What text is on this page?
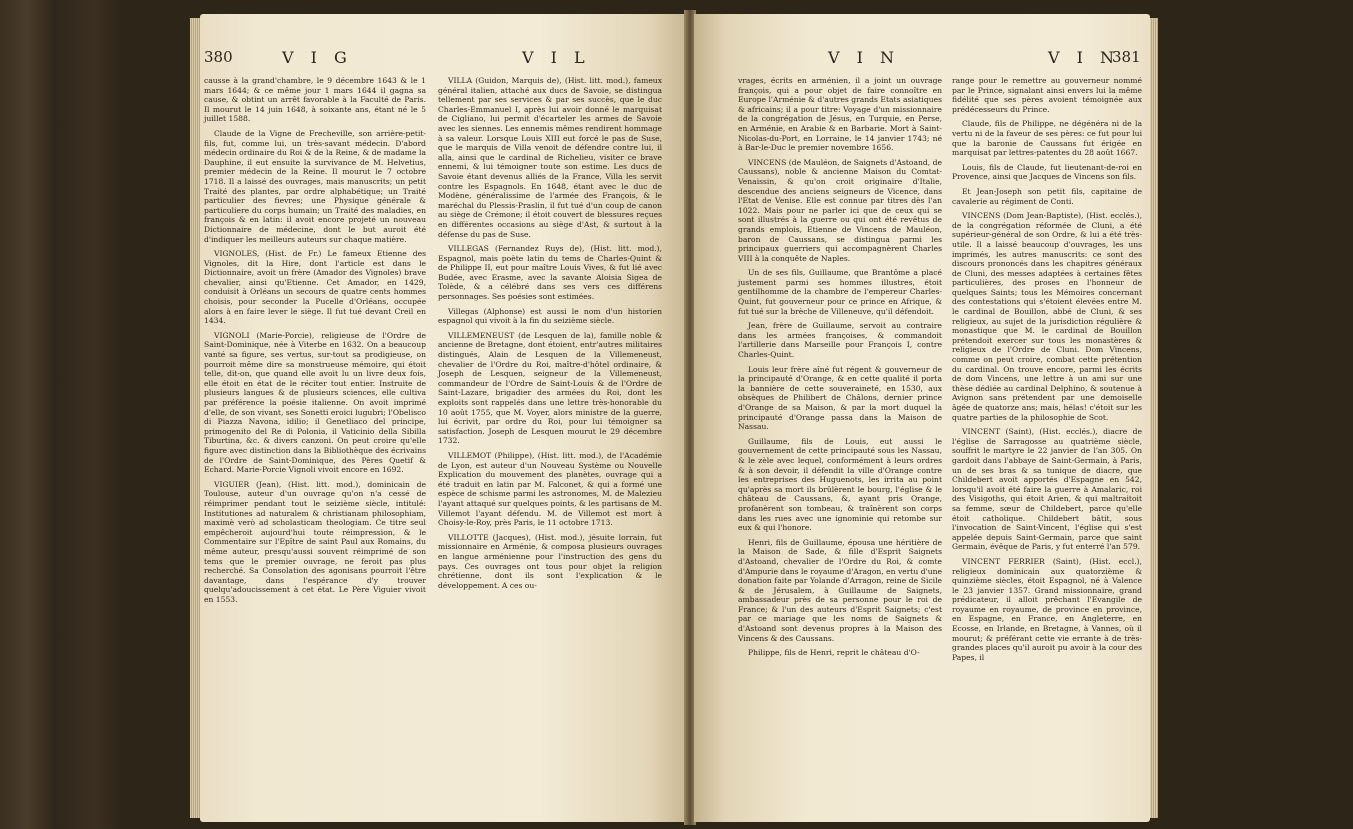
380	V I G	V I L

causse à la grand'chambre, le 9 décembre 1643 & le 1 mars 1644; & ce même jour 1 mars 1644 il gagna sa cause, & obtint un arrêt favorable à la Faculté de Paris. Il mourut le 14 juin 1648, à soixante ans, étant né le 5 juillet 1588.

Claude de la Vigne de Frecheville, son arrière-petit-fils, fut, comme lui, un très-savant médecin. D'abord médecin ordinaire du Roi & de la Reine, & de madame la Dauphine, il eut ensuite la survivance de M. Helvetius, premier médecin de la Reine. Il mourut le 7 octobre 1718. Il a laissé des ouvrages, mais manuscrits; un petit Traité des plantes, par ordre alphabétique; un Traité particulier des fievres; une Physique générale & particuliere du corps humain; un Traité des maladies, en françois & en latin: il avoit encore projeté un nouveau Dictionnaire de médecine, dont le but auroit été d'indiquer les meilleurs auteurs sur chaque matière.

VIGNOLES, (Hist. de Fr.) Le fameux Etienne des Vignoles, dit la Hire, dont l'article est dans le Dictionnaire, avoit un frère (Amador des Vignoles) brave chevalier, ainsi qu'Etienne. Cet Amador, en 1429, conduisit à Orléans un secours de quatre cents hommes choisis, pour seconder la Pucelle d'Orléans, occupée alors à en faire lever le siège. Il fut tué devant Creil en 1434.

VIGNOLI (Marie-Porcie), religieuse de l'Ordre de Saint-Dominique, née à Viterbe en 1632. On a beaucoup vanté sa figure, ses vertus, sur-tout sa prodigieuse, on pourroit même dire sa monstrueuse mémoire, qui étoit telle, dit-on, que quand elle avoit lu un livre deux fois, elle étoit en état de le réciter tout entier. Instruite de plusieurs langues & de plusieurs sciences, elle cultiva par préférence la poésie italienne. On avoit imprimé d'elle, de son vivant, ses Sonetti eroici lugubri; l'Obelisco di Piazza Navona, idilio; il Genetliaco del principe, primogenito del Re di Polonia, il Vaticinio della Sibilla Tiburtina, &c. & divers canzoni. On peut croire qu'elle figure avec distinction dans la Bibliothèque des écrivains de l'Ordre de Saint-Dominique, des Pères Quetif & Echard. Marie-Porcie Vignoli vivoit encore en 1692.

VIGUIER (Jean), (Hist. litt. mod.), dominicain de Toulouse, auteur d'un ouvrage qu'on n'a cessé de réimprimer pendant tout le seizième siècle, intitulé: Institutiones ad naturalem & christianam philosophiam, maximè verò ad scholasticam theologiam. Ce titre seul empêcheroit aujourd'hui toute réimpression, & le Commentaire sur l'Epître de saint Paul aux Romains, du même auteur, presqu'aussi souvent réimprimé de son tems que le premier ouvrage, ne feroit pas plus recherché. Sa Consolation des agonisans pourroit l'être davantage, dans l'espérance d'y trouver quelqu'adoucissement à cet état. Le Père Viguier vivoit en 1553.

VILLA (Guidon, Marquis de), (Hist. litt. mod.), fameux général italien, attaché aux ducs de Savoie, se distingua tellement par ses services & par ses succès, que le duc Charles-Emmanuel I, après lui avoir donné le marquisat de Cigliano, lui permit d'écarteler les armes de Savoie avec les siennes. Les ennemis mêmes rendirent hommage à sa valeur. Lorsque Louis XIII eut forcé le pas de Suse, que le marquis de Villa venoit de défendre contre lui, il alla, ainsi que le cardinal de Richelieu, visiter ce brave ennemi, & lui témoigner toute son estime. Les ducs de Savoie étant devenus alliés de la France, Villa les servit contre les Espagnols. En 1648, étant avec le duc de Modène, généralissime de l'armée des François, & le maréchal du Plessis-Praslin, il fut tué d'un coup de canon au siège de Crémone; il étoit couvert de blessures reçues en différentes occasions au siège d'Ast, & surtout à la défense du pas de Suse.

VILLEGAS (Fernandez Ruys de), (Hist. litt. mod.), Espagnol, mais poète latin du tems de Charles-Quint & de Philippe II, eut pour maître Louis Vives, & fut lié avec Budée, avec Erasme, avec la savante Aloisia Sigea de Tolède, & a célébré dans ses vers ces différens personnages. Ses poésies sont estimées.

Villegas (Alphonse) est aussi le nom d'un historien espagnol qui vivoit à la fin du seizième siècle.

VILLEMENEUST (de Lesquen de la), famille noble & ancienne de Bretagne, dont étoient, entr'autres militaires distingués, Alain de Lesquen de la Villemeneust, chevalier de l'Ordre du Roi, maître-d'hôtel ordinaire, & Joseph de Lesquen, seigneur de la Villemeneust, commandeur de l'Ordre de Saint-Louis & de l'Ordre de Saint-Lazare, brigadier des armées du Roi, dont les exploits sont rappelés dans une lettre très-honorable du 10 août 1755, que M. Voyer, alors ministre de la guerre, lui écrivit, par ordre du Roi, pour lui témoigner sa satisfaction. Joseph de Lesquen mourut le 29 décembre 1732.

VILLEMOT (Philippe), (Hist. litt. mod.), de l'Académie de Lyon, est auteur d'un Nouveau Système ou Nouvelle Explication du mouvement des planètes, ouvrage qui a été traduit en latin par M. Falconet, & qui a formé une espèce de schisme parmi les astronomes, M. de Malezieu l'ayant attaqué sur quelques points, & les partisans de M. Villemot l'ayant défendu. M. de Villemot est mort à Choisy-le-Roy, près Paris, le 11 octobre 1713.

VILLOTTE (Jacques), (Hist. mod.), jésuite lorrain, fut missionnaire en Arménie, & composa plusieurs ouvrages en langue arménienne pour l'instruction des gens du pays. Ces ouvrages ont tous pour objet la religion chrétienne, dont ils sont l'explication & le développement. A ces ou-

V I N	V I N
381

vrages, écrits en arménien, il a joint un ouvrage françois, qui a pour objet de faire connoître en Europe l'Arménie & d'autres grands Etats asiatiques & africains; il a pour titre: Voyage d'un missionnaire de la congrégation de Jésus, en Turquie, en Perse, en Arménie, en Arabie & en Barbarie. Mort à Saint-Nicolas-du-Port, en Lorraine, le 14 janvier 1743; né à Bar-le-Duc le premier novembre 1656.

VINCENS (de Mauléon, de Saignets d'Astoand, de Caussans), noble & ancienne Maison du Comtat-Venaissin, & qu'on croit originaire d'Italie, descendue des anciens seigneurs de Vicence, dans l'Etat de Venise. Elle est connue par titres dès l'an 1022. Mais pour ne parler ici que de ceux qui se sont illustrés à la guerre ou qui ont été revêtus de grands emplois, Etienne de Vincens de Mauléon, baron de Caussans, se distingua parmi les principaux guerriers qui accompagnèrent Charles VIII à la conquête de Naples.

Un de ses fils, Guillaume, que Brantôme a placé justement parmi ses hommes illustres, étoit gentilhomme de la chambre de l'empereur Charles-Quint, fut gouverneur pour ce prince en Afrique, & fut tué sur la brèche de Villeneuve, qu'il défendoit.

Jean, frère de Guillaume, servoit au contraire dans les armées françoises, & commandoit l'artillerie dans Marseille pour François I, contre Charles-Quint.

Louis leur frère aîné fut régent & gouverneur de la principauté d'Orange, & en cette qualité il porta la bannière de cette souveraineté, en 1530, aux obsèques de Philibert de Châlons, dernier prince d'Orange de sa Maison, & par la mort duquel la principauté d'Orange passa dans la Maison de Nassau.

Guillaume, fils de Louis, eut aussi le gouvernement de cette principauté sous les Nassau, & le zèle avec lequel, conformément à leurs ordres & à son devoir, il défendit la ville d'Orange contre les entreprises des Huguenots, les irrita au point qu'après sa mort ils brûlèrent le bourg, l'église & le château de Caussans, &, ayant pris Orange, profanèrent son tombeau, & traînèrent son corps dans les rues avec une ignominie qui retombe sur eux & qui l'honore.

Henri, fils de Guillaume, épousa une héritière de la Maison de Sade, & fille d'Esprit Saignets d'Astoand, chevalier de l'Ordre du Roi, & comte d'Ampurie dans le royaume d'Aragon, en vertu d'une donation faite par Yolande d'Arragon, reine de Sicile & de Jérusalem, à Guillaume de Saignets, ambassadeur près de sa personne pour le roi de France; & l'un des auteurs d'Esprit Saignets; c'est par ce mariage que les noms de Saignets & d'Astoand sont devenus propres à la Maison des Vincens & des Caussans.

Philippe, fils de Henri, reprit le château d'O-

range pour le remettre au gouverneur nommé par le Prince, signalant ainsi envers lui la même fidélité que ses pères avoient témoignée aux prédécesseurs du Prince.

Claude, fils de Philippe, ne dégénéra ni de la vertu ni de la faveur de ses pères: ce fut pour lui que la baronie de Caussans fut érigée en marquisat par lettres-patentes du 28 août 1667.

Louis, fils de Claude, fut lieutenant-de-roi en Provence, ainsi que Jacques de Vincens son fils.

Et Jean-Joseph son petit fils, capitaine de cavalerie au régiment de Conti.

VINCENS (Dom Jean-Baptiste), (Hist. ecclés.), de la congrégation réformée de Cluni, a été supérieur-général de son Ordre, & lui a été très-utile. Il a laissé beaucoup d'ouvrages, les uns imprimés, les autres manuscrits: ce sont des discours prononcés dans les chapitres généraux de Cluni, des messes adaptées à certaines fêtes particulières, des proses en l'honneur de quelques Saints; tous les Mémoires concernant des contestations qui s'étoient élevées entre M. le cardinal de Bouillon, abbé de Cluni, & ses religieux, au sujet de la jurisdiction régulière & monastique que M. le cardinal de Bouillon prétendoit exercer sur tous les monastères & religieux de l'Ordre de Cluni. Dom Vincens, comme on peut croire, combat cette prétention du cardinal. On trouve encore, parmi les écrits de dom Vincens, une lettre à un ami sur une thèse dédiée au cardinal Delphino, & soutenue à Avignon sans prétendent par une demoiselle âgée de quatorze ans; mais, hélas! c'étoit sur les quatre parties de la philosophie de Scot.

VINCENT (Saint), (Hist. ecclés.), diacre de l'église de Sarragosse au quatrième siècle, souffrit le martyre le 22 janvier de l'an 305. On gardoit dans l'abbaye de Saint-Germain, à Paris, un de ses bras & sa tunique de diacre, que Childebert avoit apportés d'Espagne en 542, lorsqu'il avoit été faire la guerre à Amalaric, roi des Visigoths, qui étoit Arien, & qui maltraitoit sa femme, sœur de Childebert, parce qu'elle étoit catholique. Childebert bâtit, sous l'invocation de Saint-Vincent, l'église qui s'est appelée depuis Saint-Germain, parce que saint Germain, évêque de Paris, y fut enterré l'an 579.

VINCENT FERRIER (Saint), (Hist. eccl.), religieux dominicain aux quatorzième & quinzième siècles, étoit Espagnol, né à Valence le 23 janvier 1357. Grand missionnaire, grand prédicateur, il alloit prêchant l'Evangile de royaume en royaume, de province en province, en Espagne, en France, en Angleterre, en Ecosse, en Irlande, en Bretagne, à Vannes, où il mourut; & préférant cette vie errante à de très-grandes places qu'il auroit pu avoir à la cour des Papes, il
